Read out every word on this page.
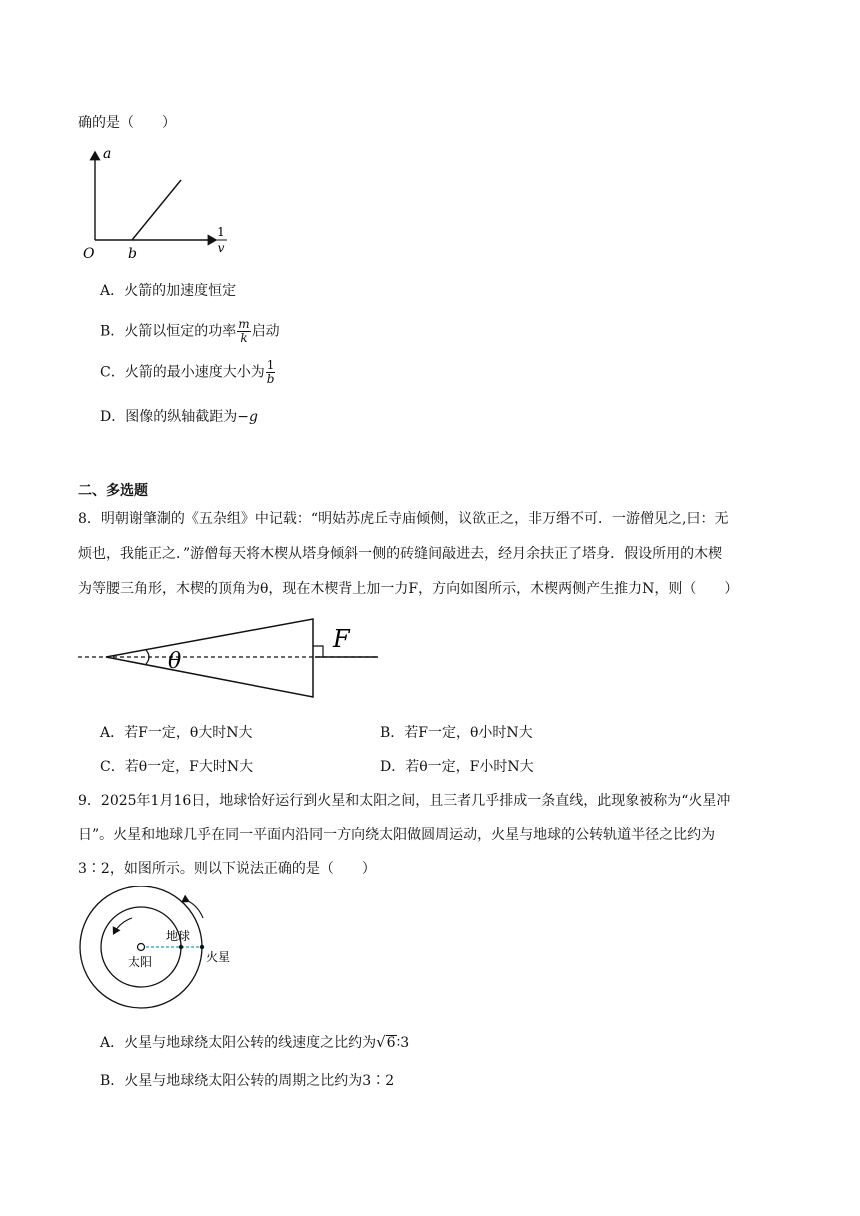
确的是（　　）
a
O b
1
v
A．火箭的加速度恒定
B．火箭以恒定的功率 $\frac{m}{k}$ 启动
C．火箭的最小速度大小为 $\frac{1}{b}$
D．图像的纵轴截距为−g
二、多选题
8．明朝谢肇淛的《五杂组》中记载：“明姑苏虎丘寺庙倾侧，议欲正之，非万缗不可．一游僧见之,曰：无
烦也，我能正之．”游僧每天将木楔从塔身倾斜一侧的砖缝间敲进去，经月余扶正了塔身．假设所用的木楔
为等腰三角形，木楔的顶角为θ，现在木楔背上加一力F，方向如图所示，木楔两侧产生推力N，则（　　）
θ
F
A．若F一定，θ大时N大	B．若F一定，θ小时N大
C．若θ一定，F大时N大	D．若θ一定，F小时N大
9．2025年1月16日，地球恰好运行到火星和太阳之间，且三者几乎排成一条直线，此现象被称为“火星冲
日”。火星和地球几乎在同一平面内沿同一方向绕太阳做圆周运动，火星与地球的公转轨道半径之比约为
3∶2，如图所示。则以下说法正确的是（　　）
太阳
地球
火星
A．火星与地球绕太阳公转的线速度之比约为√6∶3
B．火星与地球绕太阳公转的周期之比约为3∶2
